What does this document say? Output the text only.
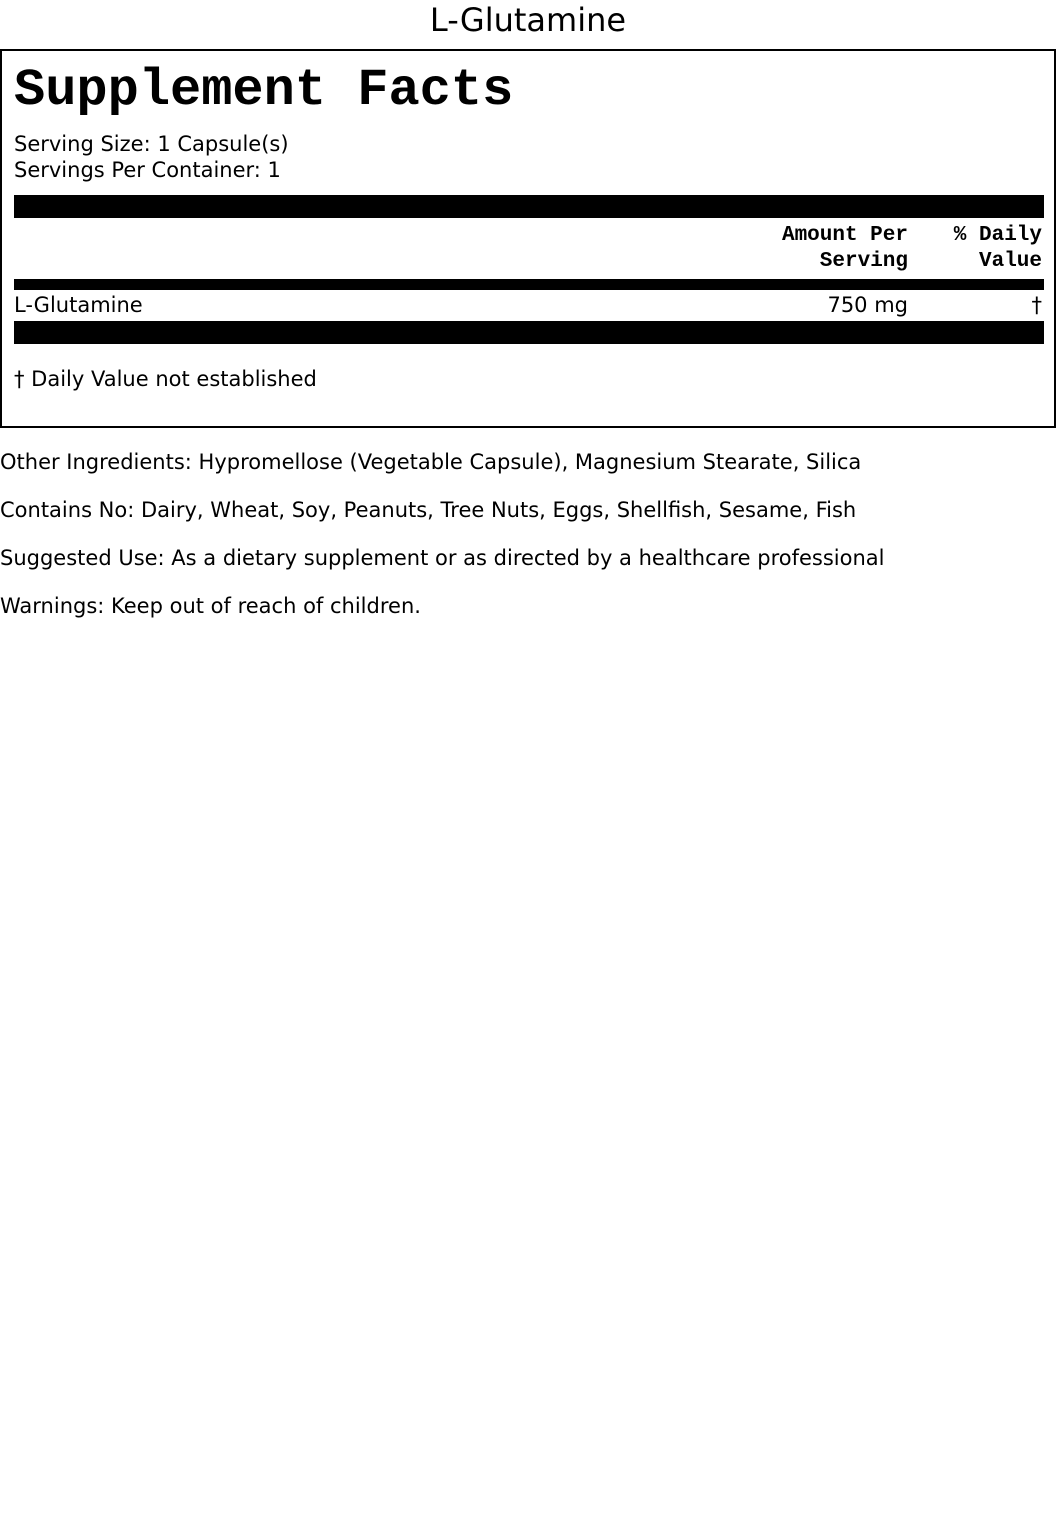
L-Glutamine
Supplement Facts
Serving Size: 1 Capsule(s)
Servings Per Container: 1
Amount Per
Serving
% Daily
Value
L-Glutamine	750 mg	†
† Daily Value not established
Other Ingredients: Hypromellose (Vegetable Capsule), Magnesium Stearate, Silica
Contains No: Dairy, Wheat, Soy, Peanuts, Tree Nuts, Eggs, Shellfish, Sesame, Fish
Suggested Use: As a dietary supplement or as directed by a healthcare professional
Warnings: Keep out of reach of children.
